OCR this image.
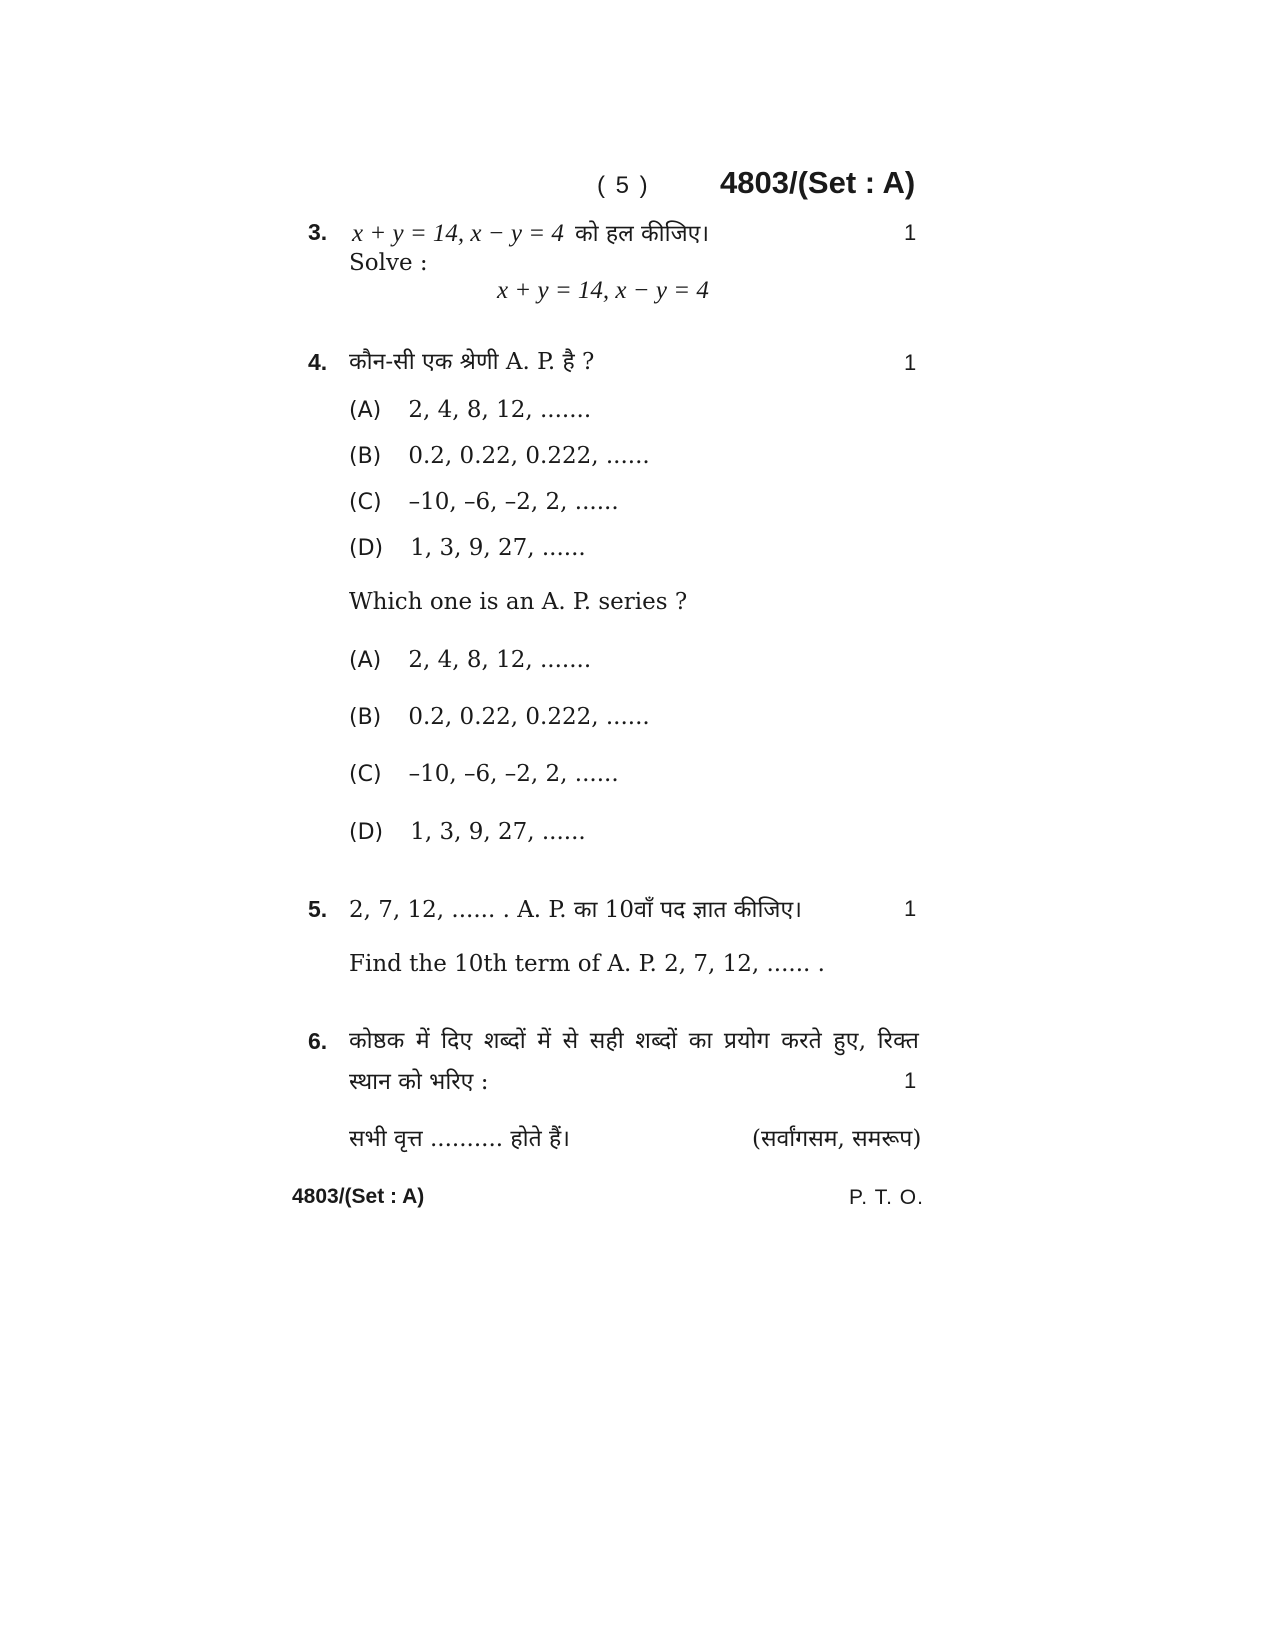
( 5 ) 4803/(Set : A)
3. x + y = 14, x − y = 4 को हल कीजिए।	1
Solve :
x + y = 14, x − y = 4
4. कौन-सी एक श्रेणी A. P. है ?	1
(A) 2, 4, 8, 12, .......
(B) 0.2, 0.22, 0.222, ......
(C) –10, –6, –2, 2, ......
(D) 1, 3, 9, 27, ......
Which one is an A. P. series ?
(A) 2, 4, 8, 12, .......
(B) 0.2, 0.22, 0.222, ......
(C) –10, –6, –2, 2, ......
(D) 1, 3, 9, 27, ......
5. 2, 7, 12, ...... . A. P. का 10वाँ पद ज्ञात कीजिए।	1
Find the 10th term of A. P. 2, 7, 12, ...... .
6. कोष्ठक में दिए शब्दों में से सही शब्दों का प्रयोग करते हुए, रिक्त
स्थान को भरिए :	1
सभी वृत्त .......... होते हैं।	(सर्वांगसम, समरूप)
4803/(Set : A)	P. T. O.
